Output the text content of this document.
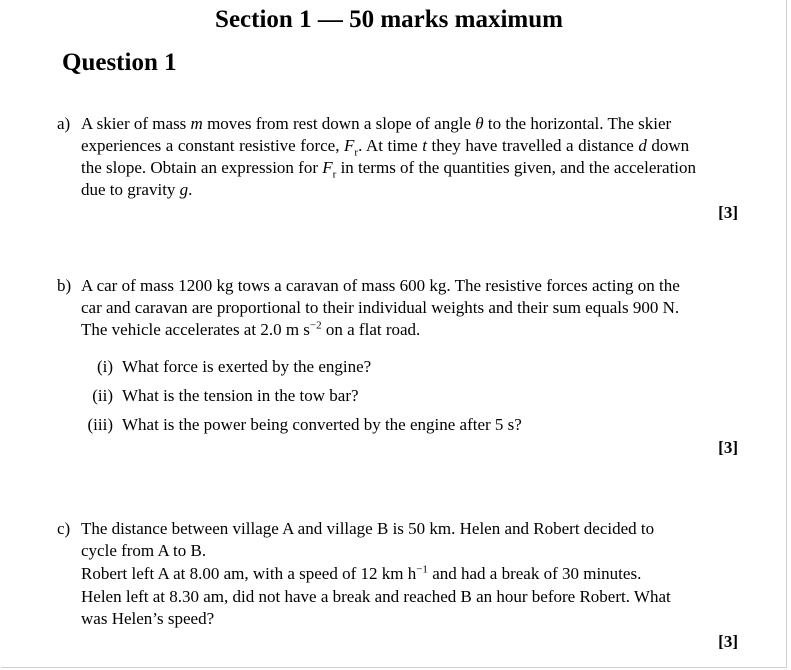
Section 1 — 50 marks maximum
Question 1
a) A skier of mass m moves from rest down a slope of angle θ to the horizontal. The skier
experiences a constant resistive force, $F_r$. At time t they have travelled a distance d down
the slope. Obtain an expression for $F_r$ in terms of the quantities given, and the acceleration
due to gravity g.
[3]
b) A car of mass 1200 kg tows a caravan of mass 600 kg. The resistive forces acting on the
car and caravan are proportional to their individual weights and their sum equals 900 N.
The vehicle accelerates at 2.0 m $s^{-2}$ on a flat road.
(i) What force is exerted by the engine?
(ii) What is the tension in the tow bar?
(iii) What is the power being converted by the engine after 5 s?
[3]
c) The distance between village A and village B is 50 km. Helen and Robert decided to
cycle from A to B.
Robert left A at 8.00 am, with a speed of 12 km $h^{-1}$ and had a break of 30 minutes.
Helen left at 8.30 am, did not have a break and reached B an hour before Robert. What
was Helen’s speed?
[3]
